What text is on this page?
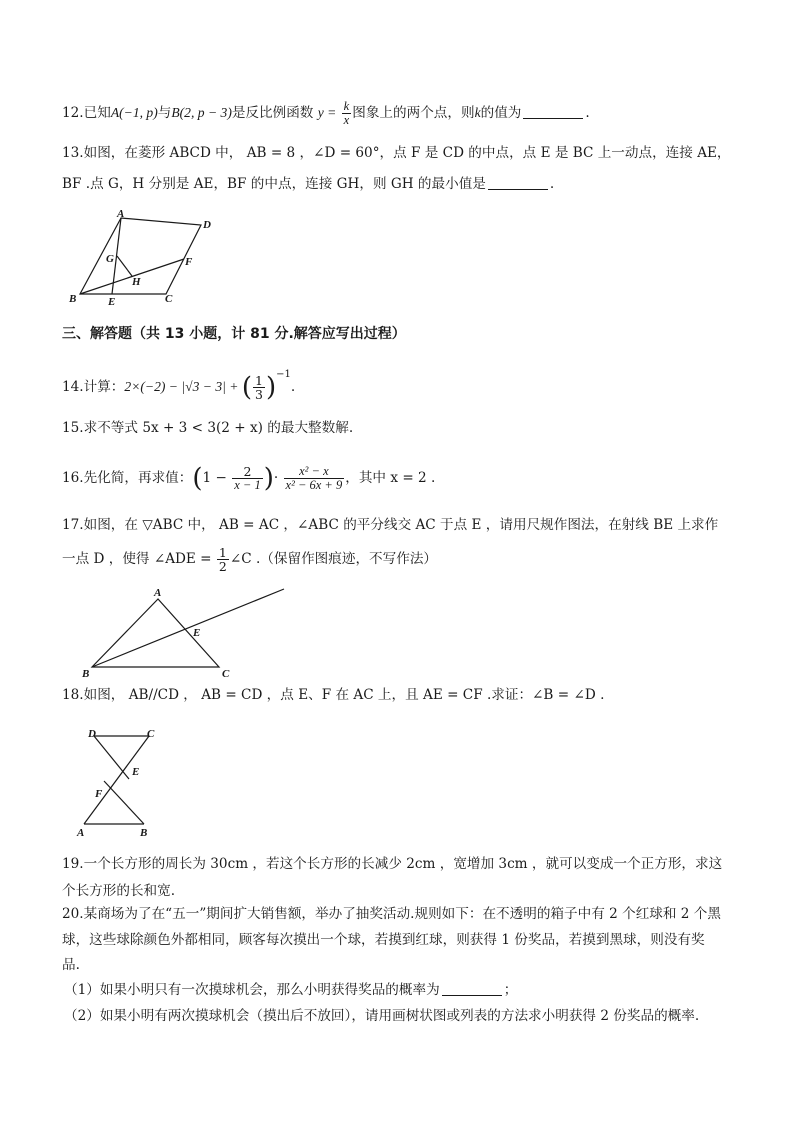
12.已知A(−1, p)与B(2, p − 3)是反比例函数 $y = \frac{k}{x}$ 图象上的两个点，则k的值为	.
13.如图，在菱形 ABCD 中， AB = 8 ，∠D = 60°，点 F 是 CD 的中点，点 E 是 BC 上一动点，连接 AE，
BF .点 G，H 分别是 AE，BF 的中点，连接 GH，则 GH 的最小值是	.
A
D
G	F
H
B	E	C
三、解答题（共 13 小题，计 81 分.解答应写出过程）
14.计算：2×(−2) − |√3 − 3| + ( $\frac{1}{3} )^{-1}$.
15.求不等式 5x + 3 < 3(2 + x) 的最大整数解.
16.先化简，再求值：($1 - \frac{2}{x - 1}$ )· $\frac{\text{x² − x}}{\text{x² − 6x + 9}}$ ，其中 x = 2 .
17.如图，在 ▽ABC 中， AB = AC ，∠ABC 的平分线交 AC 于点 E ，请用尺规作图法，在射线 BE 上求作
一点 D ，使得 ∠ADE = $\frac{1}{2}$ ∠C .（保留作图痕迹，不写作法）
A
E
B	C
18.如图， AB//CD ， AB = CD ，点 E、F 在 AC 上，且 AE = CF .求证：∠B = ∠D .
D	C
E
F
A	B
19.一个长方形的周长为 30cm ，若这个长方形的长减少 2cm ，宽增加 3cm ，就可以变成一个正方形，求这
个长方形的长和宽.
20.某商场为了在“五一”期间扩大销售额，举办了抽奖活动.规则如下：在不透明的箱子中有 2 个红球和 2 个黑
球，这些球除颜色外都相同，顾客每次摸出一个球，若摸到红球，则获得 1 份奖品，若摸到黑球，则没有奖
品.
（1）如果小明只有一次摸球机会，那么小明获得奖品的概率为	；
（2）如果小明有两次摸球机会（摸出后不放回），请用画树状图或列表的方法求小明获得 2 份奖品的概率.
